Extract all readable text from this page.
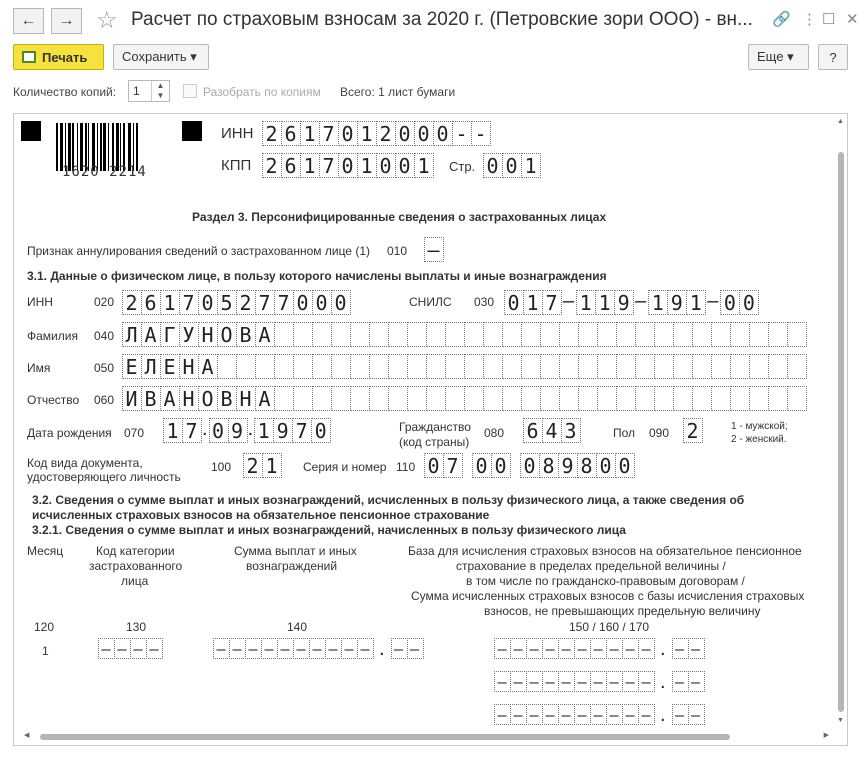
← → ☆ Расчет по страховым взносам за 2020 г. (Петровские зори ООО) - вн...	🔗 ⋮ ☐ ✕
Печать	Сохранить ▾	Еще ▾	?
Количество копий:	1	▲
▼	Разобрать по копиям Всего: 1 лист бумаги
1620 2214
ИНН 2 6 1 7 0 1 2 0 0 0 - -
КПП 2 6 1 7 0 1 0 0 1 Стр. 0 0 1
Раздел 3. Персонифицированные сведения о застрахованных лицах
Признак аннулирования сведений о застрахованном лице (1) 010 –
3.1. Данные о физическом лице, в пользу которого начислены выплаты и иные вознаграждения
ИНН	020 2 6 1 7 0 5 2 7 7 0 0 0	СНИЛС 030 0 1 7 – 1 1 9 – 1 9 1 – 0 0
Фамилия 040 Л А Г У Н О В А
Имя	050 Е Л Е Н А
Отчество 060 И В А Н О В Н А
Дата рождения 070 1 7 . 0 9 . 1 9 7 0	Гражданство
(код страны)
080 6 4 3	Пол 090 2	1 - мужской;
2 - женский.
Код вида документа,
удостоверяющего личность
100 2 1 Серия и номер 110 0 7 0 0 0 8 9 8 0 0
3.2. Сведения о сумме выплат и иных вознаграждений, исчисленных в пользу физического лица, а также сведения об
исчисленных страховых взносов на обязательное пенсионное страхование
3.2.1. Сведения о сумме выплат и иных вознаграждений, начисленных в пользу физического лица
Месяц	Код категории
застрахованного
лица
Сумма выплат и иных
вознаграждений
База для исчисления страховых взносов на обязательное пенсионное
страхование в пределах предельной величины /
в том числе по гражданско-правовым договорам /
Сумма исчисленных страховых взносов с базы исчисления страховых
взносов, не превышающих предельную величину
120	130	140	150 / 160 / 170
1	– – – –	– – – – – – – – – – . – –	– – – – – – – – – – . – –
– – – – – – – – – – . – –
– – – – – – – – – – . – –
▲
▼
◀	▶
